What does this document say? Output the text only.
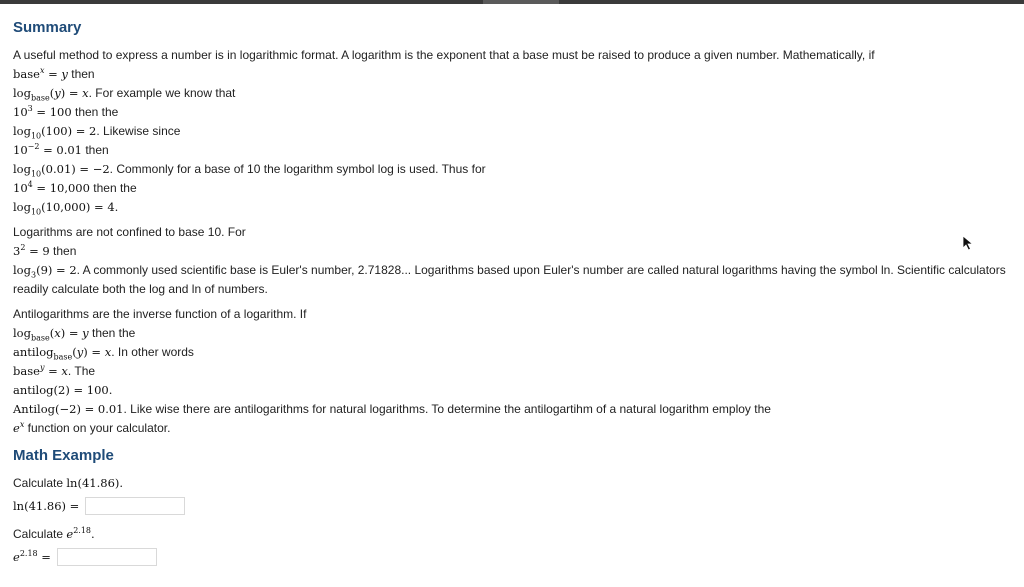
Summary
A useful method to express a number is in logarithmic format. A logarithm is the exponent that a base must be raised to produce a given number. Mathematically, if
base$^x$ = y then
$\log_{base}(y) = x$. For example we know that
$10^3 = 100$ then the
$\log_{10}(100) = 2$. Likewise since
$10^{-2} = 0.01$ then
$\log_{10}(0.01) = -2$. Commonly for a base of 10 the logarithm symbol log is used. Thus for
$10^4 = 10,000$ then the
$\log_{10}(10,000) = 4$.
Logarithms are not confined to base 10. For
$3^2 = 9$ then
$\log_3(9) = 2$. A commonly used scientific base is Euler's number, 2.71828... Logarithms based upon Euler's number are called natural logarithms having the symbol ln. Scientific calculators readily calculate both the log and ln of numbers.
Antilogarithms are the inverse function of a logarithm. If
$\log_{base}(x) = y$ then the
antilog$_{base}$(y) = x. In other words
base$^y$ = x. The
antilog(2) = 100.
Antilog(−2) = 0.01. Like wise there are antilogarithms for natural logarithms. To determine the antilogartihm of a natural logarithm employ the
$e^x$ function on your calculator.
Math Example
Calculate ln(41.86).
ln(41.86) =
Calculate $e^{2.18}$.
$e^{2.18}$ =
